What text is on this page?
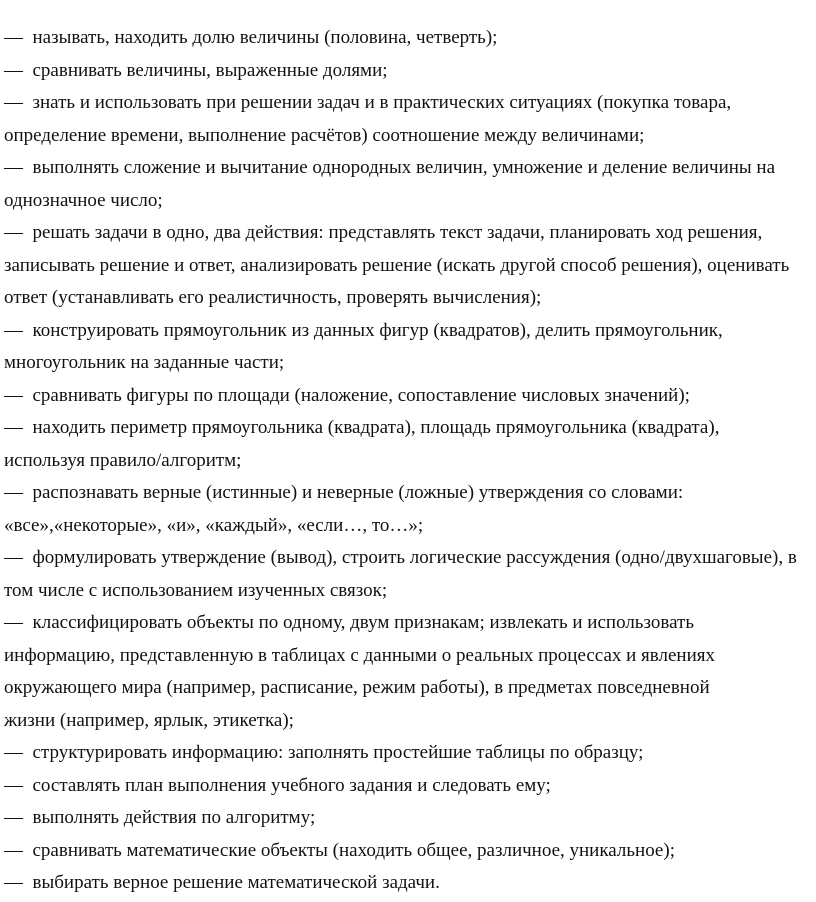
—  называть, находить долю величины (половина, четверть);
—  сравнивать величины, выраженные долями;
—  знать и использовать при решении задач и в практических ситуациях (покупка товара,
определение времени, выполнение расчётов) соотношение между величинами;
—  выполнять сложение и вычитание однородных величин, умножение и деление величины на
однозначное число;
—  решать задачи в одно, два действия: представлять текст задачи, планировать ход решения,
записывать решение и ответ, анализировать решение (искать другой способ решения), оценивать
ответ (устанавливать его реалистичность, проверять вычисления);
—  конструировать прямоугольник из данных фигур (квадратов), делить прямоугольник,
многоугольник на заданные части;
—  сравнивать фигуры по площади (наложение, сопоставление числовых значений);
—  находить периметр прямоугольника (квадрата), площадь прямоугольника (квадрата),
используя правило/алгоритм;
—  распознавать верные (истинные) и неверные (ложные) утверждения со словами:
«все»,«некоторые», «и», «каждый», «если…, то…»;
—  формулировать утверждение (вывод), строить логические рассуждения (одно/двухшаговые), в
том числе с использованием изученных связок;
—  классифицировать объекты по одному, двум признакам; извлекать и использовать
информацию, представленную в таблицах с данными о реальных процессах и явлениях
окружающего мира (например, расписание, режим работы), в предметах повседневной
жизни (например, ярлык, этикетка);
—  структурировать информацию: заполнять простейшие таблицы по образцу;
—  составлять план выполнения учебного задания и следовать ему;
—  выполнять действия по алгоритму;
—  сравнивать математические объекты (находить общее, различное, уникальное);
—  выбирать верное решение математической задачи.
